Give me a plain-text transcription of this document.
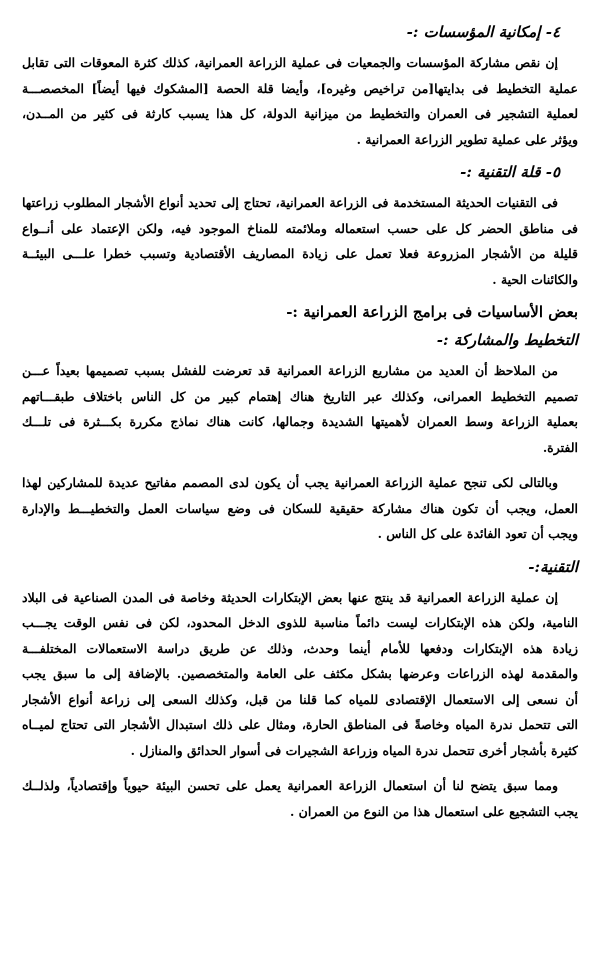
٤- إمكانية المؤسسات :-
إن نقص مشاركة المؤسسات والجمعيات فى عملية الزراعة العمرانية، كذلك كثرة المعوقات التى تقابل
عملية التخطيط فى بدايتها[من تراخيص وغيره]، وأيضا قلة الحصة [المشكوك فيها أيضاً] المخصصـــة
لعملية التشجير فى العمران والتخطيط من ميزانية الدولة، كل هذا يسبب كارثة فى كثير من المــدن،
ويؤثر على عملية تطوير الزراعة العمرانية .
٥- قلة التقنية :-
فى التقنيات الحديثة المستخدمة فى الزراعة العمرانية، تحتاج إلى تحديد أنواع الأشجار المطلوب زراعتها
فى مناطق الحضر كل على حسب استعماله وملائمته للمناخ الموجود فيه، ولكن الإعتماد على أنــواع
قليلة من الأشجار المزروعة فعلا تعمل على زيادة المصاريف الأقتصادية وتسبب خطرا علـــى البيئــة
والكائنات الحية .
بعض الأساسيات فى برامج الزراعة العمرانية :-
التخطيط والمشاركة :-
من الملاحظ أن العديد من مشاريع الزراعة العمرانية قد تعرضت للفشل بسبب تصميمها بعيداً عـــن
تصميم التخطيط العمرانى، وكذلك عبر التاريخ هناك إهتمام كبير من كل الناس باختلاف طبقـــاتهم
بعملية الزراعة وسط العمران لأهميتها الشديدة وجمالها، كانت هناك نماذج مكررة بكـــثرة فى تلـــك
الفترة.
وبالتالى لكى تنجح عملية الزراعة العمرانية يجب أن يكون لدى المصمم مفاتيح عديدة للمشاركين لهذا
العمل، ويجب أن تكون هناك مشاركة حقيقية للسكان فى وضع سياسات العمل والتخطيـــط والإدارة
ويجب أن تعود الفائدة على كل الناس .
التقنية:-
إن عملية الزراعة العمرانية قد ينتج عنها بعض الإبتكارات الحديثة وخاصة فى المدن الصناعية فى البلاد
النامية، ولكن هذه الإبتكارات ليست دائماً مناسبة للذوى الدخل المحدود، لكن فى نفس الوقت يجـــب
زيادة هذه الإبتكارات ودفعها للأمام أينما وحدث، وذلك عن طريق دراسة الاستعمالات المختلفـــة
والمقدمة لهذه الزراعات وعرضها بشكل مكثف على العامة والمتخصصين. بالإضافة إلى ما سبق يجب
أن نسعى إلى الاستعمال الإقتصادى للمياه كما قلنا من قبل، وكذلك السعى إلى زراعة أنواع الأشجار
التى تتحمل ندرة المياه وخاصةً فى المناطق الحارة، ومثال على ذلك استبدال الأشجار التى تحتاج لميــاه
كثيرة بأشجار أخرى تتحمل ندرة المياه وزراعة الشجيرات فى أسوار الحدائق والمنازل .
ومما سبق يتضح لنا أن استعمال الزراعة العمرانية يعمل على تحسن البيئة حيوياً وإقتصادياً، ولذلــك
يجب التشجيع على استعمال هذا من النوع من العمران .
